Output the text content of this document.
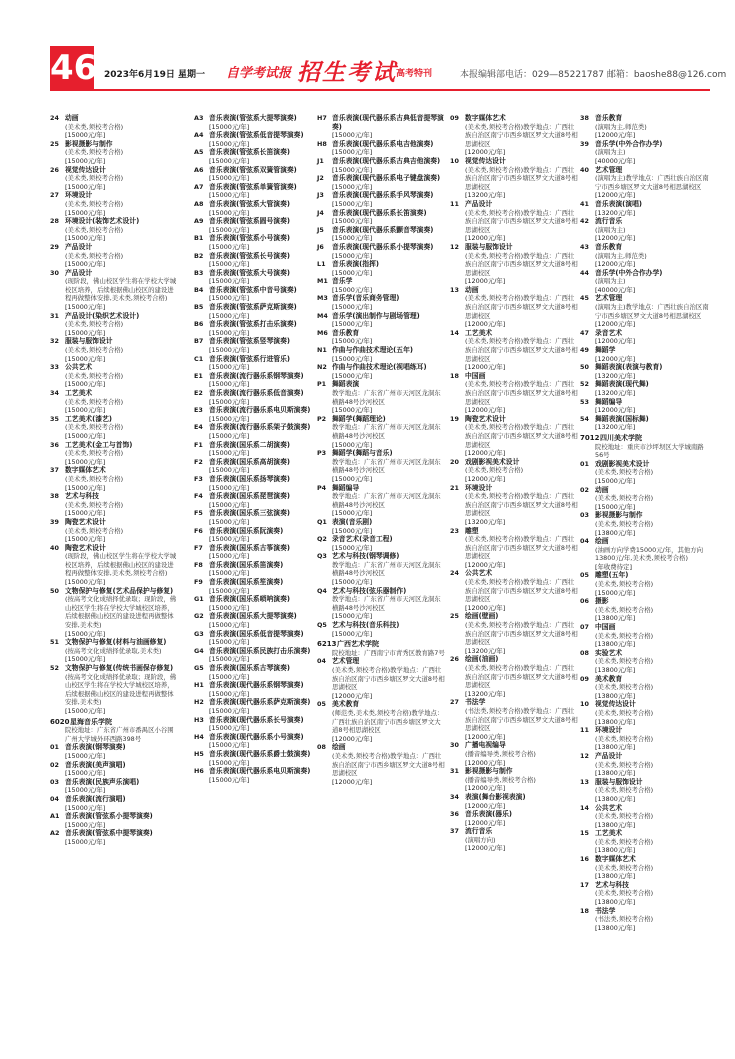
46 2023年6月19日 星期一 自学考试报 招生考试 高考特刊	本报编辑部电话：029—85221787 邮箱：baoshe88@126.com
24 动画
(美术类,须校考合格)
[15000元/年]
25 影视摄影与制作
(美术类,须校考合格)
[15000元/年]
26 视觉传达设计
(美术类,须校考合格)
[15000元/年]
27 环境设计
(美术类,须校考合格)
[15000元/年]
28 环境设计(装饰艺术设计)
(美术类,须校考合格)
[15000元/年]
29 产品设计
(美术类,须校考合格)
[15000元/年]
30 产品设计
(现阶段，佛山校区学生将在学校大学城校区培养，后续根据佛山校区的建设进程再做整体安排,美术类,须校考合格)
[15000元/年]
31 产品设计(染织艺术设计)
(美术类,须校考合格)
[15000元/年]
32 服装与服饰设计
(美术类,须校考合格)
[15000元/年]
33 公共艺术
(美术类,须校考合格)
[15000元/年]
34 工艺美术
(美术类,须校考合格)
[15000元/年]
35 工艺美术(漆艺)
(美术类,须校考合格)
[15000元/年]
36 工艺美术(金工与首饰)
(美术类,须校考合格)
[15000元/年]
37 数字媒体艺术
(美术类,须校考合格)
[15000元/年]
38 艺术与科技
(美术类,须校考合格)
[15000元/年]
39 陶瓷艺术设计
(美术类,须校考合格)
[15000元/年]
40 陶瓷艺术设计
(现阶段，佛山校区学生将在学校大学城校区培养，后续根据佛山校区的建设进程再做整体安排,美术类,须校考合格)
[15000元/年]
50 文物保护与修复(艺术品保护与修复)
(按高考文化成绩择优录取；现阶段，佛山校区学生将在学校大学城校区培养，后续根据佛山校区的建设进程再做整体安排,美术类)
[15000元/年]
51 文物保护与修复(材料与油画修复)
(按高考文化成绩择优录取,美术类)
[15000元/年]
52 文物保护与修复(传统书画保存修复)
(按高考文化成绩择优录取；现阶段，佛山校区学生将在学校大学城校区培养，后续根据佛山校区的建设进程再做整体安排,美术类)
[15000元/年]
6020 星海音乐学院
院校地址：广东省广州市番禺区小谷围广州大学城外环西路398号
01 音乐表演(钢琴演奏)
[15000元/年]
02 音乐表演(美声演唱)
[15000元/年]
03 音乐表演(民族声乐演唱)
[15000元/年]
04 音乐表演(流行演唱)
[15000元/年]
A1 音乐表演(管弦系小提琴演奏)
[15000元/年]
A2 音乐表演(管弦系中提琴演奏)
[15000元/年]
A3 音乐表演(管弦系大提琴演奏)
[15000元/年]
A4 音乐表演(管弦系低音提琴演奏)
[15000元/年]
A5 音乐表演(管弦系长笛演奏)
[15000元/年]
A6 音乐表演(管弦系双簧管演奏)
[15000元/年]
A7 音乐表演(管弦系单簧管演奏)
[15000元/年]
A8 音乐表演(管弦系大管演奏)
[15000元/年]
A9 音乐表演(管弦系圆号演奏)
[15000元/年]
B1 音乐表演(管弦系小号演奏)
[15000元/年]
B2 音乐表演(管弦系长号演奏)
[15000元/年]
B3 音乐表演(管弦系大号演奏)
[15000元/年]
B4 音乐表演(管弦系中音号演奏)
[15000元/年]
B5 音乐表演(管弦系萨克斯演奏)
[15000元/年]
B6 音乐表演(管弦系打击乐演奏)
[15000元/年]
B7 音乐表演(管弦系竖琴演奏)
[15000元/年]
C1 音乐表演(管弦系行进管乐)
[15000元/年]
E1 音乐表演(流行器乐系钢琴演奏)
[15000元/年]
E2 音乐表演(流行器乐系低音演奏)
[15000元/年]
E3 音乐表演(流行器乐系电贝斯演奏)
[15000元/年]
E4 音乐表演(流行器乐系架子鼓演奏)
[15000元/年]
F1 音乐表演(国乐系二胡演奏)
[15000元/年]
F2 音乐表演(国乐系高胡演奏)
[15000元/年]
F3 音乐表演(国乐系扬琴演奏)
[15000元/年]
F4 音乐表演(国乐系琵琶演奏)
[15000元/年]
F5 音乐表演(国乐系三弦演奏)
[15000元/年]
F6 音乐表演(国乐系阮演奏)
[15000元/年]
F7 音乐表演(国乐系古筝演奏)
[15000元/年]
F8 音乐表演(国乐系笛演奏)
[15000元/年]
F9 音乐表演(国乐系笙演奏)
[15000元/年]
G1 音乐表演(国乐系唢呐演奏)
[15000元/年]
G2 音乐表演(国乐系大提琴演奏)
[15000元/年]
G3 音乐表演(国乐系低音提琴演奏)
[15000元/年]
G4 音乐表演(国乐系民族打击乐演奏)
[15000元/年]
G5 音乐表演(国乐系古琴演奏)
[15000元/年]
H1 音乐表演(现代器乐系钢琴演奏)
[15000元/年]
H2 音乐表演(现代器乐系萨克斯演奏)
[15000元/年]
H3 音乐表演(现代器乐系长号演奏)
[15000元/年]
H4 音乐表演(现代器乐系小号演奏)
[15000元/年]
H5 音乐表演(现代器乐系爵士鼓演奏)
[15000元/年]
H6 音乐表演(现代器乐系电贝斯演奏)
[15000元/年]
H7 音乐表演(现代器乐系古典低音提琴演奏)
[15000元/年]
H8 音乐表演(现代器乐系电吉他演奏)
[15000元/年]
J1	音乐表演(现代器乐系古典吉他演奏)
[15000元/年]
J2	音乐表演(现代器乐系电子键盘演奏)
[15000元/年]
J3	音乐表演(现代器乐系手风琴演奏)
[15000元/年]
J4	音乐表演(现代器乐系长笛演奏)
[15000元/年]
J5	音乐表演(现代器乐系颤音琴演奏)
[15000元/年]
J6	音乐表演(现代器乐系小提琴演奏)
[15000元/年]
L1 音乐表演(指挥)
[15000元/年]
M1 音乐学
[15000元/年]
M3 音乐学(音乐商务管理)
[15000元/年]
M4 音乐学(演出制作与剧场管理)
[15000元/年]
M6 音乐教育
[15000元/年]
N1 作曲与作曲技术理论(五年)
[15000元/年]
N2 作曲与作曲技术理论(视唱练耳)
[15000元/年]
P1 舞蹈表演
教学地点：广东省广州市天河区龙洞东横路48号沙河校区
[15000元/年]
P2 舞蹈学(舞蹈理论)
教学地点：广东省广州市天河区龙洞东横路48号沙河校区
[15000元/年]
P3 舞蹈学(舞蹈与音乐)
教学地点：广东省广州市天河区龙洞东横路48号沙河校区
[15000元/年]
P4 舞蹈编导
教学地点：广东省广州市天河区龙洞东横路48号沙河校区
[15000元/年]
Q1 表演(音乐剧)
[15000元/年]
Q2 录音艺术(录音工程)
[15000元/年]
Q3 艺术与科技(钢琴调修)
教学地点：广东省广州市天河区龙洞东横路48号沙河校区
[15000元/年]
Q4 艺术与科技(弦乐器制作)
教学地点：广东省广州市天河区龙洞东横路48号沙河校区
[15000元/年]
Q5 艺术与科技(音乐科技)
[15000元/年]
6213 广西艺术学院
院校地址：广西南宁市青秀区教育路7号
04 艺术管理
(美术类,须校考合格)教学地点：广西壮族自治区南宁市西乡塘区罗文大道8号相思湖校区
[12000元/年]
05 美术教育
(师范类,美术类,须校考合格)教学地点：广西壮族自治区南宁市西乡塘区罗文大道8号相思湖校区
[12000元/年]
08 绘画
(美术类,须校考合格)教学地点：广西壮族自治区南宁市西乡塘区罗文大道8号相思湖校区
[12000元/年]
09 数字媒体艺术
(美术类,须校考合格)教学地点：广西壮族自治区南宁市西乡塘区罗文大道8号相思湖校区
[12000元/年]
10 视觉传达设计
(美术类,须校考合格)教学地点：广西壮族自治区南宁市西乡塘区罗文大道8号相思湖校区
[13200元/年]
11 产品设计
(美术类,须校考合格)教学地点：广西壮族自治区南宁市西乡塘区罗文大道8号相思湖校区
[12000元/年]
12 服装与服饰设计
(美术类,须校考合格)教学地点：广西壮族自治区南宁市西乡塘区罗文大道8号相思湖校区
[12000元/年]
13 动画
(美术类,须校考合格)教学地点：广西壮族自治区南宁市西乡塘区罗文大道8号相思湖校区
[12000元/年]
14 工艺美术
(美术类,须校考合格)教学地点：广西壮族自治区南宁市西乡塘区罗文大道8号相思湖校区
[12000元/年]
18 中国画
(美术类,须校考合格)教学地点：广西壮族自治区南宁市西乡塘区罗文大道8号相思湖校区
[12000元/年]
19 陶瓷艺术设计
(美术类,须校考合格)教学地点：广西壮族自治区南宁市西乡塘区罗文大道8号相思湖校区
[12000元/年]
20 戏剧影视美术设计
(美术类,须校考合格)
[12000元/年]
21 环境设计
(美术类,须校考合格)教学地点：广西壮族自治区南宁市西乡塘区罗文大道8号相思湖校区
[13200元/年]
23 雕塑
(美术类,须校考合格)教学地点：广西壮族自治区南宁市西乡塘区罗文大道8号相思湖校区
[12000元/年]
24 公共艺术
(美术类,须校考合格)教学地点：广西壮族自治区南宁市西乡塘区罗文大道8号相思湖校区
[12000元/年]
25 绘画(壁画)
(美术类,须校考合格)教学地点：广西壮族自治区南宁市西乡塘区罗文大道8号相思湖校区
[13200元/年]
26 绘画(油画)
(美术类,须校考合格)教学地点：广西壮族自治区南宁市西乡塘区罗文大道8号相思湖校区
[13200元/年]
27 书法学
(书法类,须校考合格)教学地点：广西壮族自治区南宁市西乡塘区罗文大道8号相思湖校区
[12000元/年]
30 广播电视编导
(播音编导类,须校考合格)
[12000元/年]
31 影视摄影与制作
(播音编导类,须校考合格)
[12000元/年]
34 表演(舞台影视表演)
[12000元/年]
36 音乐表演(器乐)
[12000元/年]
37 流行音乐
(演唱方向)
[12000元/年]
38 音乐教育
(演唱为主,师范类)
[12000元/年]
39 音乐学(中外合作办学)
(演唱为主)
[40000元/年]
40 艺术管理
(演唱为主)教学地点：广西壮族自治区南宁市西乡塘区罗文大道8号相思湖校区
[12000元/年]
41 音乐表演(演唱)
[13200元/年]
42 流行音乐
(演唱为主)
[12000元/年]
43 音乐教育
(演唱为主,师范类)
[12000元/年]
44 音乐学(中外合作办学)
(演唱为主)
[40000元/年]
45 艺术管理
(演唱为主)教学地点：广西壮族自治区南宁市西乡塘区罗文大道8号相思湖校区
[12000元/年]
47 录音艺术
[12000元/年]
49 舞蹈学
[12000元/年]
50 舞蹈表演(表演与教育)
[13200元/年]
52 舞蹈表演(现代舞)
[13200元/年]
53 舞蹈编导
[12000元/年]
54 舞蹈表演(国标舞)
[13200元/年]
7012 四川美术学院
院校地址：重庆市沙坪坝区大学城南路56号
01 戏剧影视美术设计
(美术类,须校考合格)
[15000元/年]
02 动画
(美术类,须校考合格)
[15000元/年]
03 影视摄影与制作
(美术类,须校考合格)
[13800元/年]
04 绘画
(油画方向学费15000元/年，其他方向13800元/年,美术类,须校考合格)
[年收费待定]
05 雕塑(五年)
(美术类,须校考合格)
[15000元/年]
06 摄影
(美术类,须校考合格)
[13800元/年]
07 中国画
(美术类,须校考合格)
[13800元/年]
08 实验艺术
(美术类,须校考合格)
[13800元/年]
09 美术教育
(美术类,须校考合格)
[13800元/年]
10 视觉传达设计
(美术类,须校考合格)
[13800元/年]
11 环境设计
(美术类,须校考合格)
[13800元/年]
12 产品设计
(美术类,须校考合格)
[13800元/年]
13 服装与服饰设计
(美术类,须校考合格)
[13800元/年]
14 公共艺术
(美术类,须校考合格)
[13800元/年]
15 工艺美术
(美术类,须校考合格)
[13800元/年]
16 数字媒体艺术
(美术类,须校考合格)
[13800元/年]
17 艺术与科技
(美术类,须校考合格)
[13800元/年]
18 书法学
(书法类,须校考合格)
[13800元/年]
